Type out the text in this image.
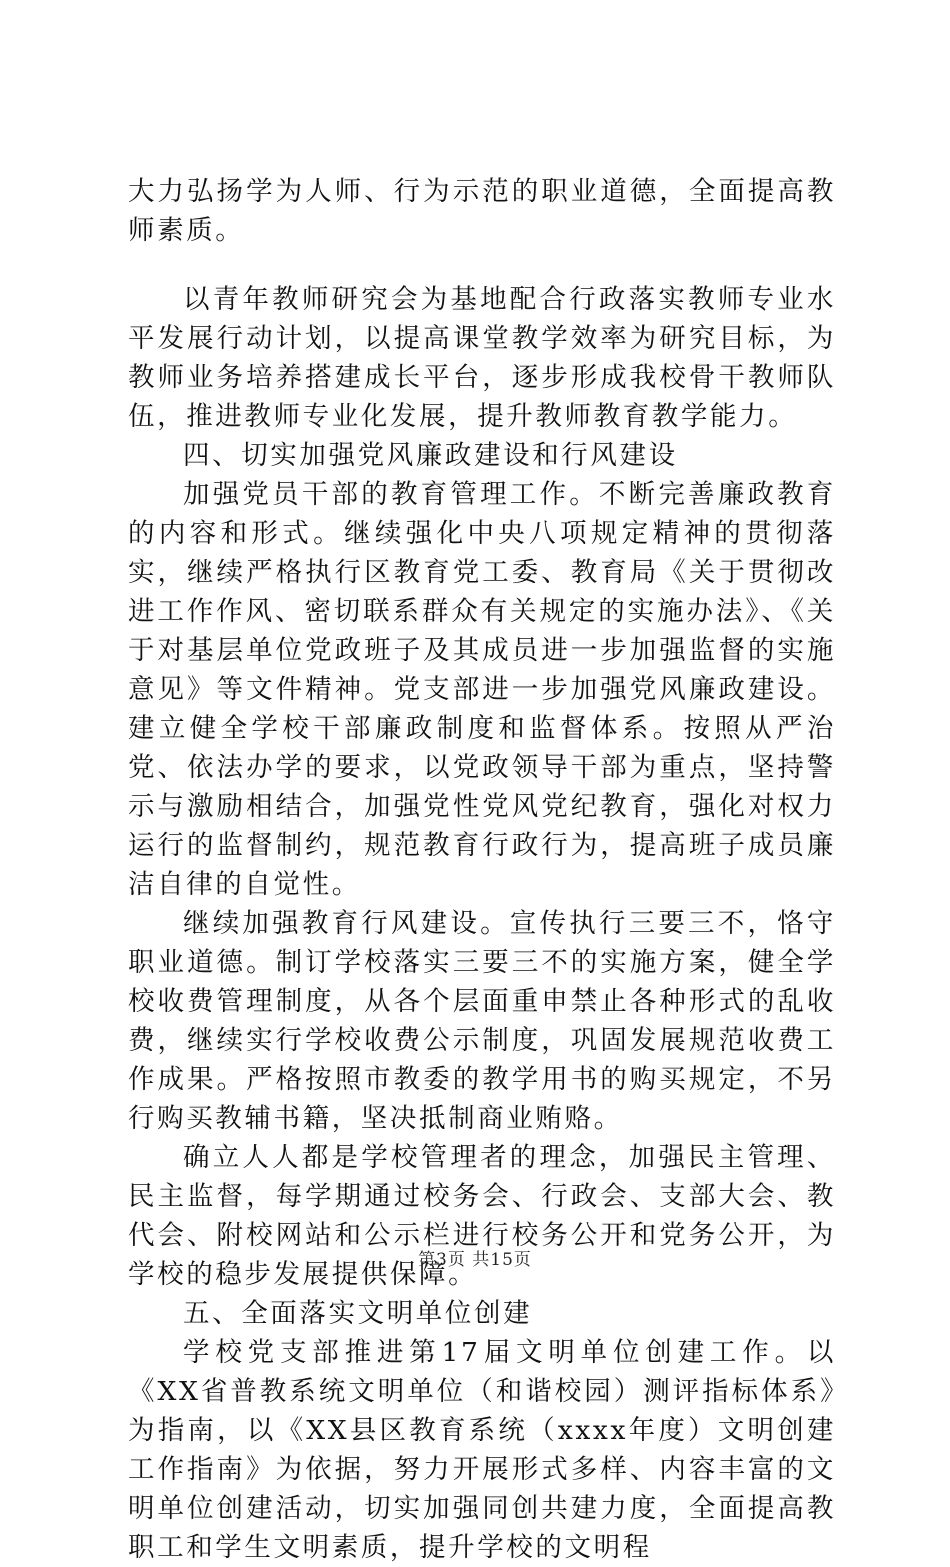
大力弘扬学为人师、行为示范的职业道德，全面提高教师素质。

以青年教师研究会为基地配合行政落实教师专业水平发展行动计划，以提高课堂教学效率为研究目标，为教师业务培养搭建成长平台，逐步形成我校骨干教师队伍，推进教师专业化发展，提升教师教育教学能力。

四、切实加强党风廉政建设和行风建设

加强党员干部的教育管理工作。不断完善廉政教育的内容和形式。继续强化中央八项规定精神的贯彻落实，继续严格执行区教育党工委、教育局《关于贯彻改进工作作风、密切联系群众有关规定的实施办法》、《关于对基层单位党政班子及其成员进一步加强监督的实施意见》等文件精神。党支部进一步加强党风廉政建设。建立健全学校干部廉政制度和监督体系。按照从严治党、依法办学的要求，以党政领导干部为重点，坚持警示与激励相结合，加强党性党风党纪教育，强化对权力运行的监督制约，规范教育行政行为，提高班子成员廉洁自律的自觉性。

继续加强教育行风建设。宣传执行三要三不，恪守职业道德。制订学校落实三要三不的实施方案，健全学校收费管理制度，从各个层面重申禁止各种形式的乱收费，继续实行学校收费公示制度，巩固发展规范收费工作成果。严格按照市教委的教学用书的购买规定，不另行购买教辅书籍，坚决抵制商业贿赂。

确立人人都是学校管理者的理念，加强民主管理、民主监督，每学期通过校务会、行政会、支部大会、教代会、附校网站和公示栏进行校务公开和党务公开，为学校的稳步发展提供保障。

五、全面落实文明单位创建

学校党支部推进第17届文明单位创建工作。以《XX省普教系统文明单位（和谐校园）测评指标体系》为指南，以《XX县区教育系统（xxxx年度）文明创建工作指南》为依据，努力开展形式多样、内容丰富的文明单位创建活动，切实加强同创共建力度，全面提高教职工和学生文明素质，提升学校的文明程

第3页 共15页
